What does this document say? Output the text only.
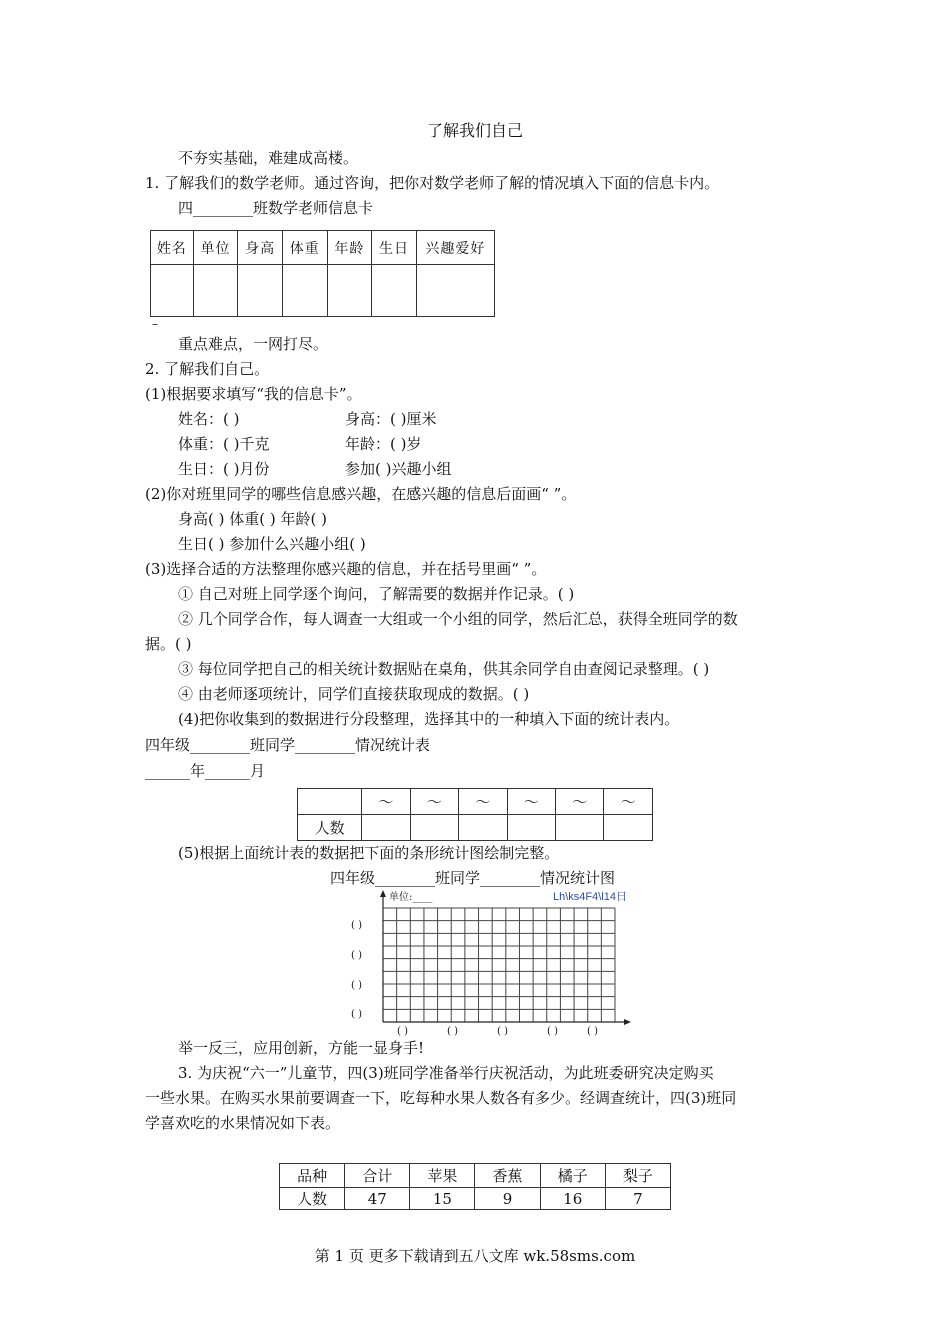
了解我们自己
不夯实基础，难建成高楼。
1. 了解我们的数学老师。通过咨询，把你对数学老师了解的情况填入下面的信息卡内。
四________班数学老师信息卡
姓名	单位	身高	体重	年龄	生日	兴趣爱好

–
重点难点，一网打尽。
2. 了解我们自己。
(1)根据要求填写“我的信息卡”。
姓名：( )	身高：( )厘米
体重：( )千克	年龄：( )岁
生日：( )月份	参加( )兴趣小组
(2)你对班里同学的哪些信息感兴趣，在感兴趣的信息后面画“ ”。
身高( ) 体重( ) 年龄( )
生日( ) 参加什么兴趣小组( )
(3)选择合适的方法整理你感兴趣的信息，并在括号里画“ ”。
① 自己对班上同学逐个询问，了解需要的数据并作记录。( )
② 几个同学合作，每人调查一大组或一个小组的同学，然后汇总，获得全班同学的数
据。( )
③ 每位同学把自己的相关统计数据贴在桌角，供其余同学自由查阅记录整理。( )
④ 由老师逐项统计，同学们直接获取现成的数据。( )
(4)把你收集到的数据进行分段整理，选择其中的一种填入下面的统计表内。
四年级________班同学________情况统计表
______年______月
	～	～	～	～	～	～
人数						
(5)根据上面统计表的数据把下面的条形统计图绘制完整。
四年级________班同学________情况统计图
单位:____	Lh\ks4F4\l14日
( )
( )
( )
( )
( )	( )	( )	( )	( )
举一反三，应用创新，方能一显身手!
3. 为庆祝“六一”儿童节，四(3)班同学准备举行庆祝活动，为此班委研究决定购买
一些水果。在购买水果前要调查一下，吃每种水果人数各有多少。经调查统计，四(3)班同
学喜欢吃的水果情况如下表。
品种	合计	苹果	香蕉	橘子	梨子
人数	47	15	9	16	7
第 1 页 更多下载请到五八文库 wk.58sms.com
